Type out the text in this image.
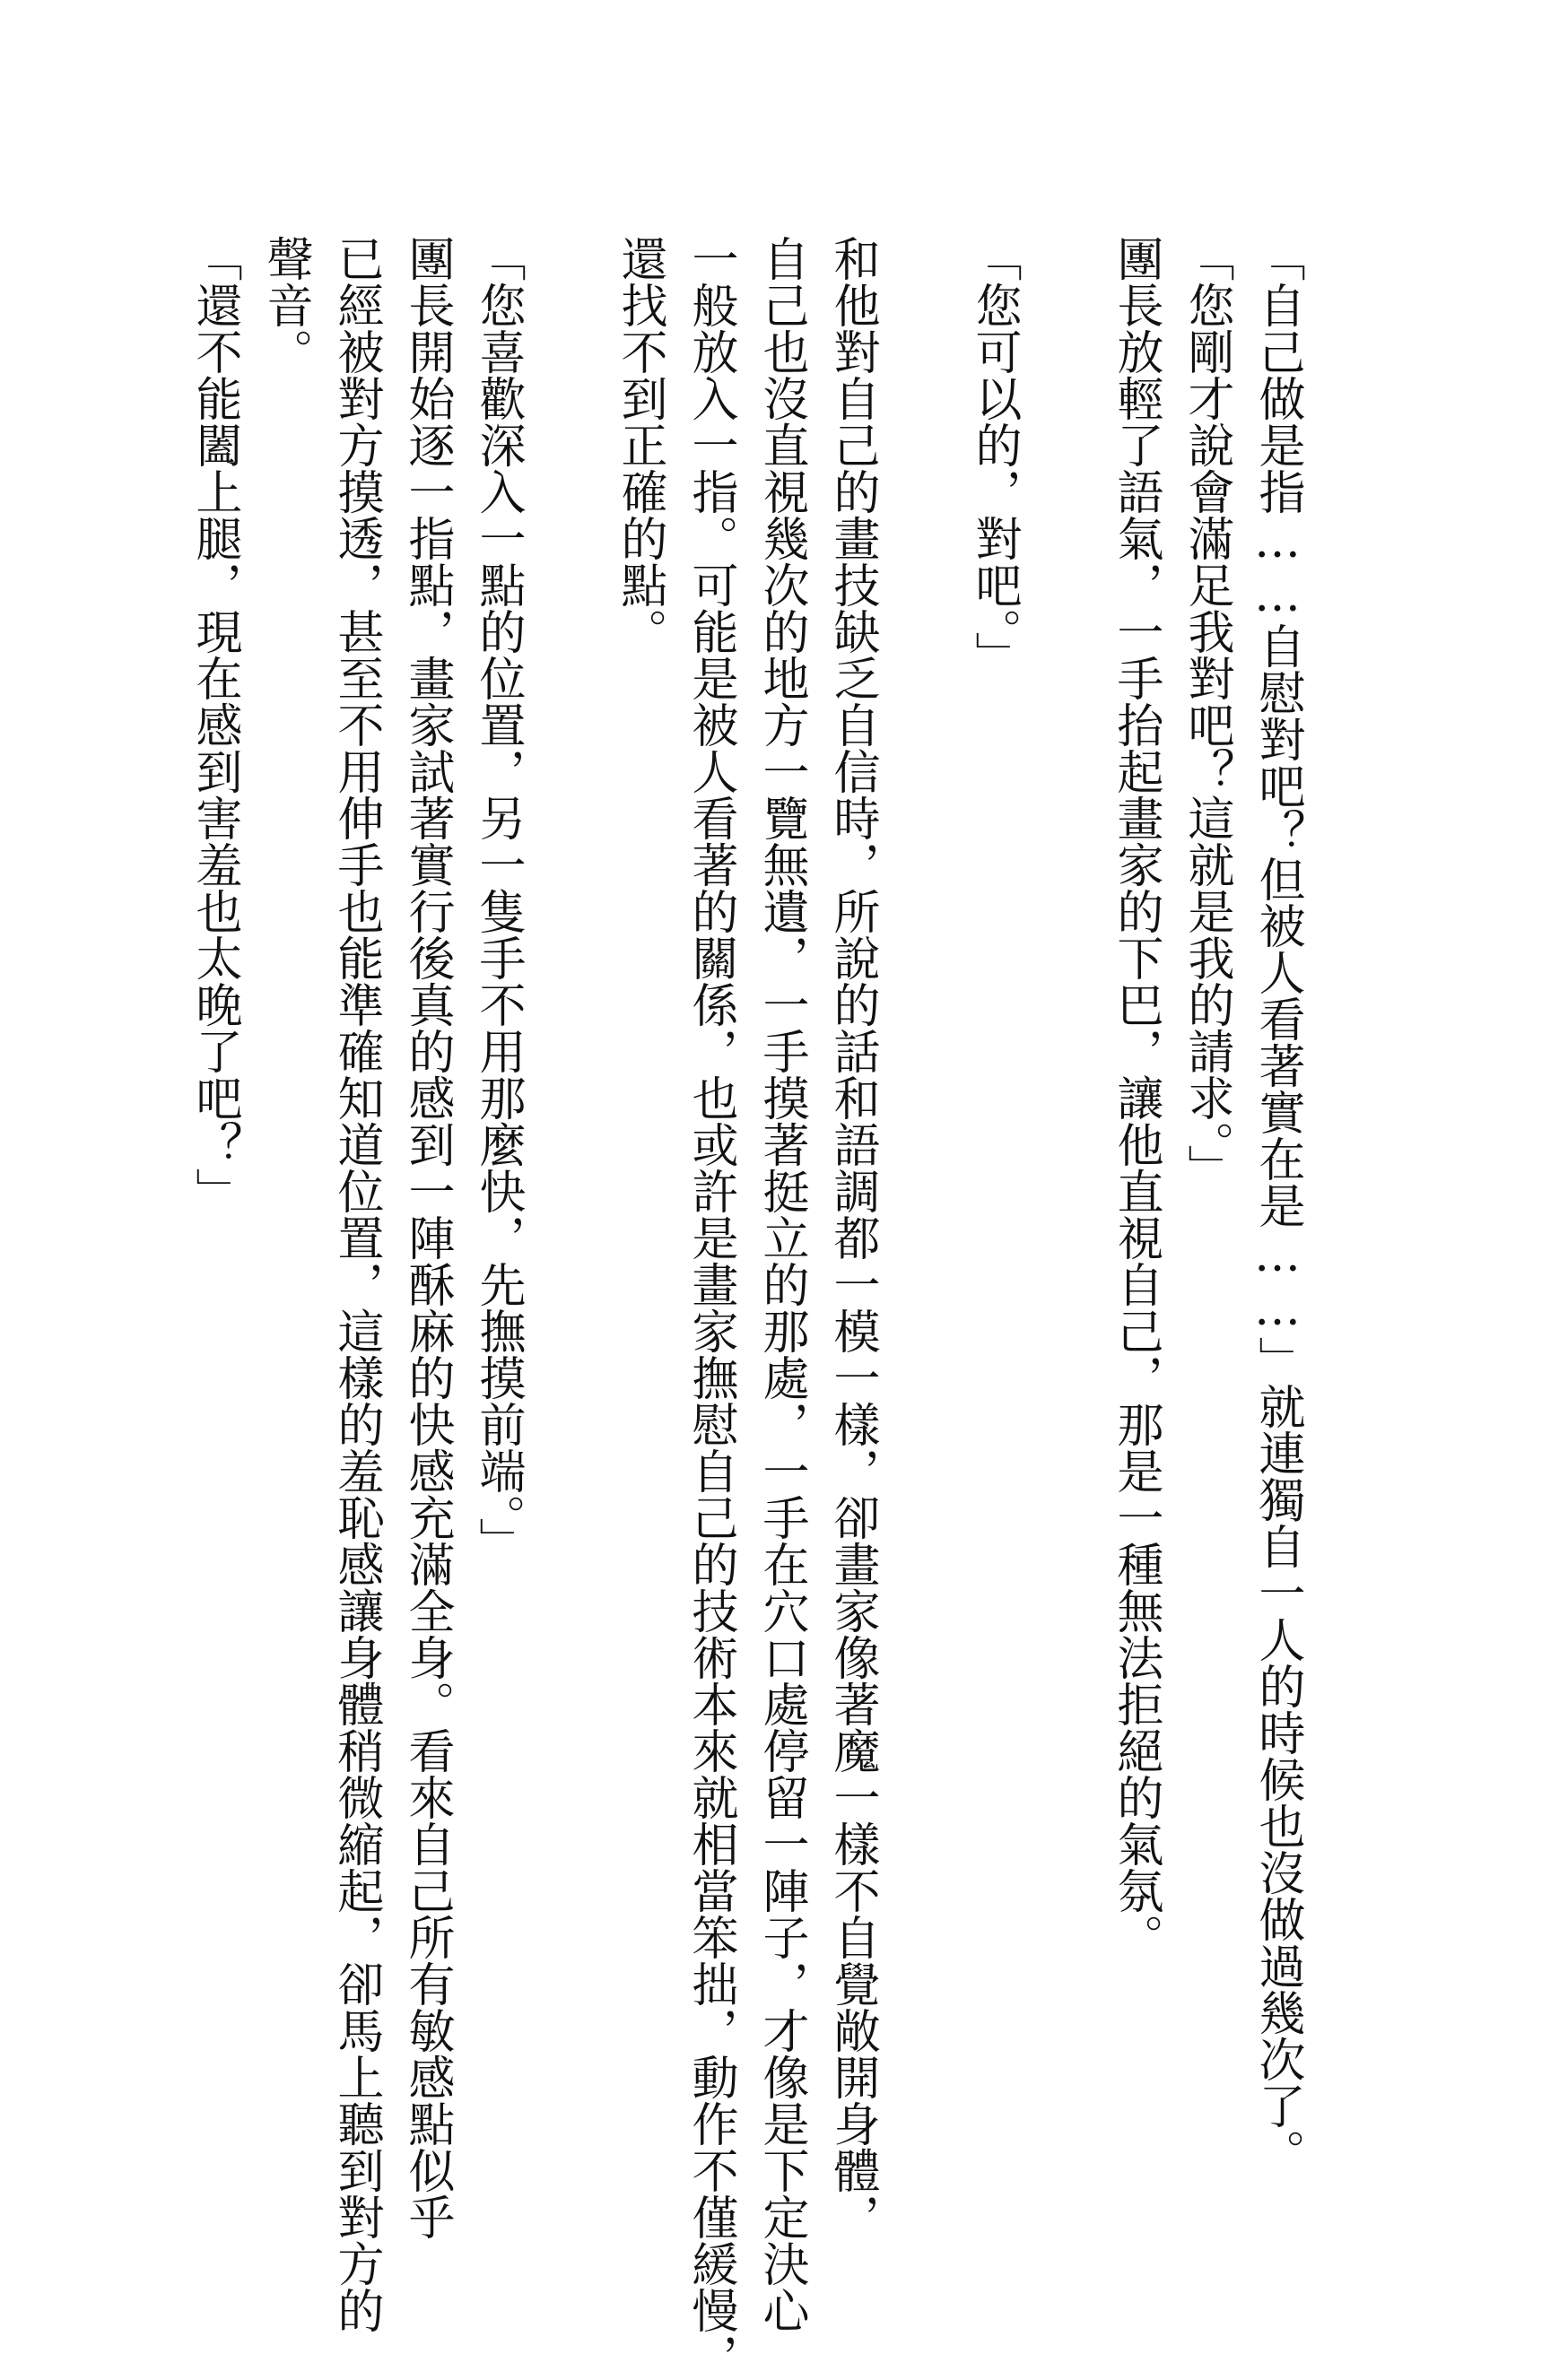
「自己做是指……自慰對吧？但被人看著實在是……」就連獨自一人的時候也沒做過幾次了。
「您剛才說會滿足我對吧？這就是我的請求。」
團長放輕了語氣，一手抬起畫家的下巴，讓他直視自己，那是一種無法拒絕的氣氛。
「您可以的，對吧。」
和他對自己的畫技缺乏自信時，所說的話和語調都一模一樣，卻畫家像著魔一樣不自覺敞開身體，
自己也沒直視幾次的地方一覽無遺，一手摸著挺立的那處，一手在穴口處停留一陣子，才像是下定決心
一般放入一指。可能是被人看著的關係，也或許是畫家撫慰自己的技術本來就相當笨拙，動作不僅緩慢，
還找不到正確的點。
「您喜歡深入一點的位置，另一隻手不用那麼快，先撫摸前端。」
團長開始逐一指點，畫家試著實行後真的感到一陣酥麻的快感充滿全身。看來自己所有敏感點似乎
已經被對方摸透，甚至不用伸手也能準確知道位置，這樣的羞恥感讓身體稍微縮起，卻馬上聽到對方的
聲音。
「還不能闔上腿，現在感到害羞也太晚了吧？」
